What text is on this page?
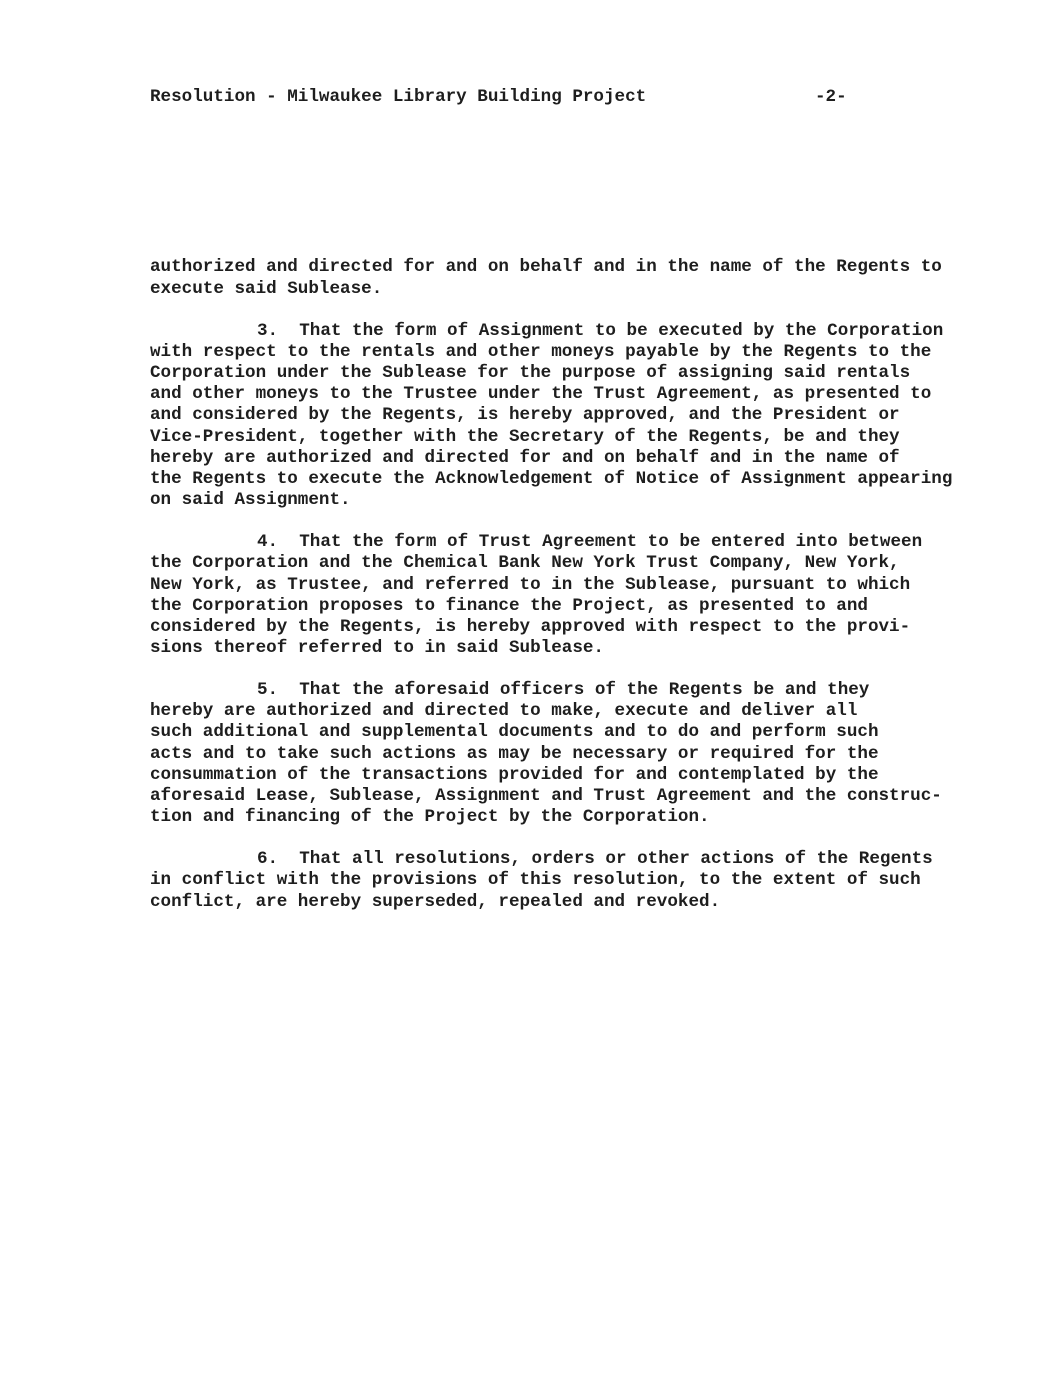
Resolution - Milwaukee Library Building Project	-2-
authorized and directed for and on behalf and in the name of the Regents to
execute said Sublease.
3.  That the form of Assignment to be executed by the Corporation
with respect to the rentals and other moneys payable by the Regents to the
Corporation under the Sublease for the purpose of assigning said rentals
and other moneys to the Trustee under the Trust Agreement, as presented to
and considered by the Regents, is hereby approved, and the President or
Vice-President, together with the Secretary of the Regents, be and they
hereby are authorized and directed for and on behalf and in the name of
the Regents to execute the Acknowledgement of Notice of Assignment appearing
on said Assignment.
4.  That the form of Trust Agreement to be entered into between
the Corporation and the Chemical Bank New York Trust Company, New York,
New York, as Trustee, and referred to in the Sublease, pursuant to which
the Corporation proposes to finance the Project, as presented to and
considered by the Regents, is hereby approved with respect to the provi-
sions thereof referred to in said Sublease.
5.  That the aforesaid officers of the Regents be and they
hereby are authorized and directed to make, execute and deliver all
such additional and supplemental documents and to do and perform such
acts and to take such actions as may be necessary or required for the
consummation of the transactions provided for and contemplated by the
aforesaid Lease, Sublease, Assignment and Trust Agreement and the construc-
tion and financing of the Project by the Corporation.
6.  That all resolutions, orders or other actions of the Regents
in conflict with the provisions of this resolution, to the extent of such
conflict, are hereby superseded, repealed and revoked.
